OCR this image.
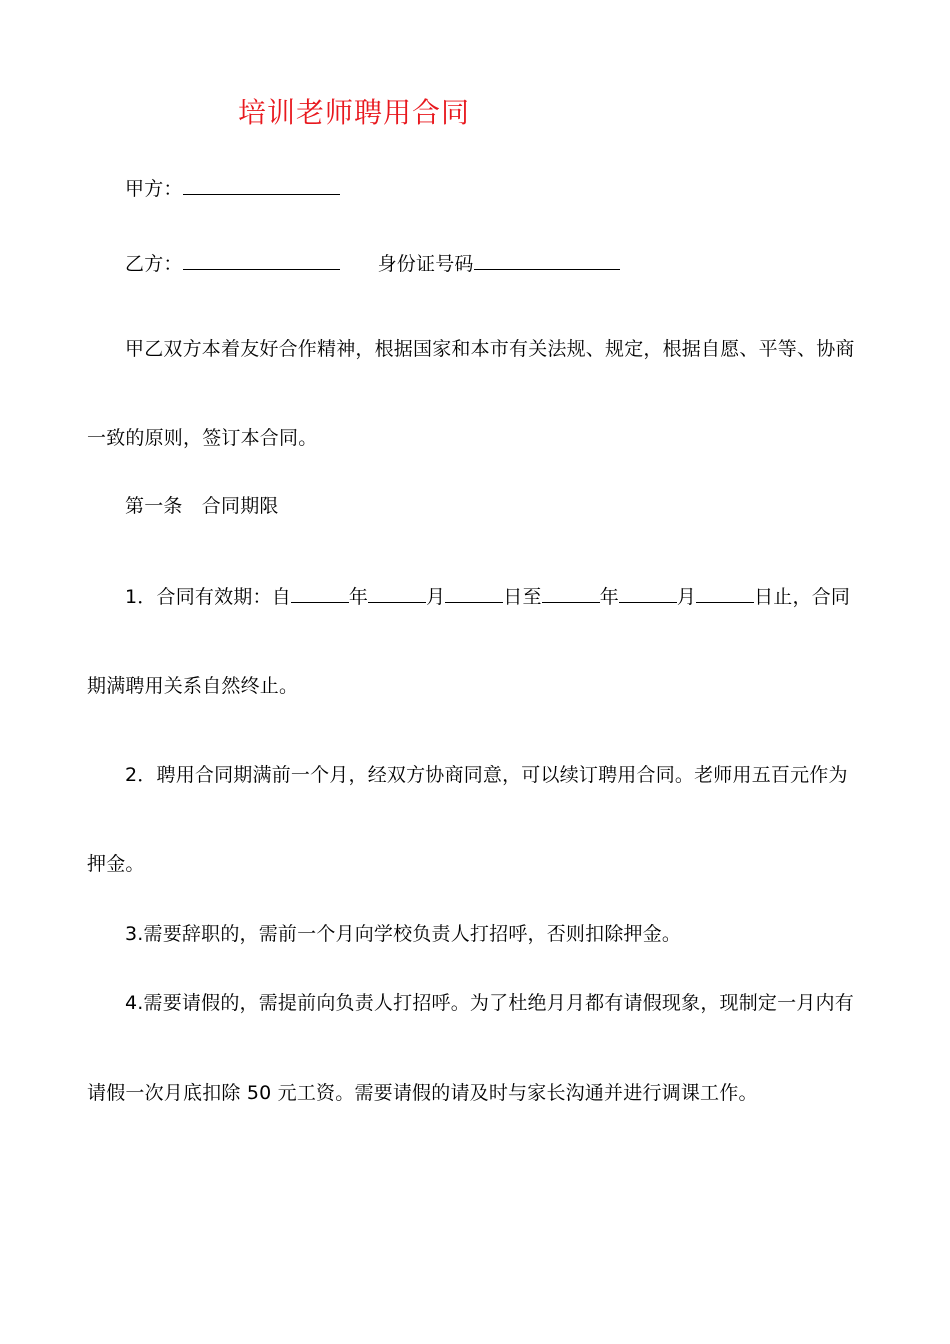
培训老师聘用合同
甲方：
乙方：	身份证号码
甲乙双方本着友好合作精神，根据国家和本市有关法规、规定，根据自愿、平等、协商
一致的原则，签订本合同。
第一条　合同期限
1．合同有效期：自	年	月	日至	年	月	日止，合同
期满聘用关系自然终止。
2．聘用合同期满前一个月，经双方协商同意，可以续订聘用合同。老师用五百元作为
押金。
3.需要辞职的，需前一个月向学校负责人打招呼，否则扣除押金。
4.需要请假的，需提前向负责人打招呼。为了杜绝月月都有请假现象，现制定一月内有
请假一次月底扣除 50 元工资。需要请假的请及时与家长沟通并进行调课工作。
